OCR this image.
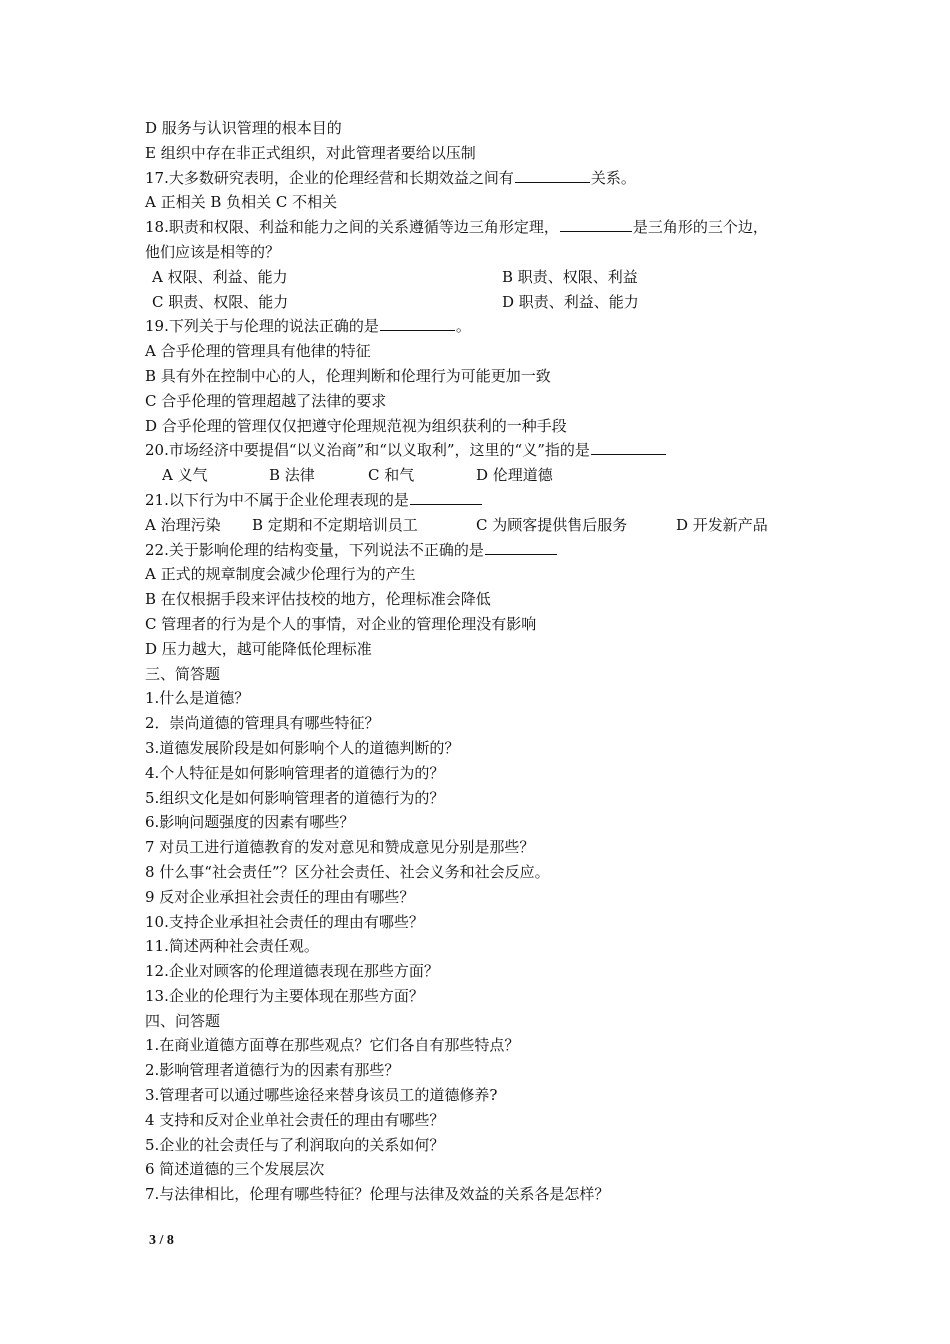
D 服务与认识管理的根本目的
E 组织中存在非正式组织，对此管理者要给以压制
17.大多数研究表明，企业的伦理经营和长期效益之间有	关系。
A 正相关 B 负相关 C 不相关
18.职责和权限、利益和能力之间的关系遵循等边三角形定理，	是三角形的三个边，
他们应该是相等的？
A 权限、利益、能力	B 职责、权限、利益
C 职责、权限、能力	D 职责、利益、能力
19.下列关于与伦理的说法正确的是	。
A 合乎伦理的管理具有他律的特征
B 具有外在控制中心的人，伦理判断和伦理行为可能更加一致
C 合乎伦理的管理超越了法律的要求
D 合乎伦理的管理仅仅把遵守伦理规范视为组织获利的一种手段
20.市场经济中要提倡“以义治商”和“以义取利”，这里的“义”指的是
A 义气	B 法律	C 和气	D 伦理道德
21.以下行为中不属于企业伦理表现的是
A 治理污染 B 定期和不定期培训员工	C 为顾客提供售后服务	D 开发新产品
22.关于影响伦理的结构变量，下列说法不正确的是
A 正式的规章制度会减少伦理行为的产生
B 在仅根据手段来评估技校的地方，伦理标准会降低
C 管理者的行为是个人的事情，对企业的管理伦理没有影响
D 压力越大，越可能降低伦理标准
三、简答题
1.什么是道德？
2．崇尚道德的管理具有哪些特征？
3.道德发展阶段是如何影响个人的道德判断的？
4.个人特征是如何影响管理者的道德行为的？
5.组织文化是如何影响管理者的道德行为的？
6.影响问题强度的因素有哪些？
7 对员工进行道德教育的发对意见和赞成意见分别是那些？
8 什么事“社会责任”？区分社会责任、社会义务和社会反应。
9 反对企业承担社会责任的理由有哪些？
10.支持企业承担社会责任的理由有哪些？
11.简述两种社会责任观。
12.企业对顾客的伦理道德表现在那些方面？
13.企业的伦理行为主要体现在那些方面？
四、问答题
1.在商业道德方面尊在那些观点？它们各自有那些特点？
2.影响管理者道德行为的因素有那些？
3.管理者可以通过哪些途径来替身该员工的道德修养?
4 支持和反对企业单社会责任的理由有哪些？
5.企业的社会责任与了利润取向的关系如何？
6 简述道德的三个发展层次
7.与法律相比，伦理有哪些特征？伦理与法律及效益的关系各是怎样？
3 / 8
